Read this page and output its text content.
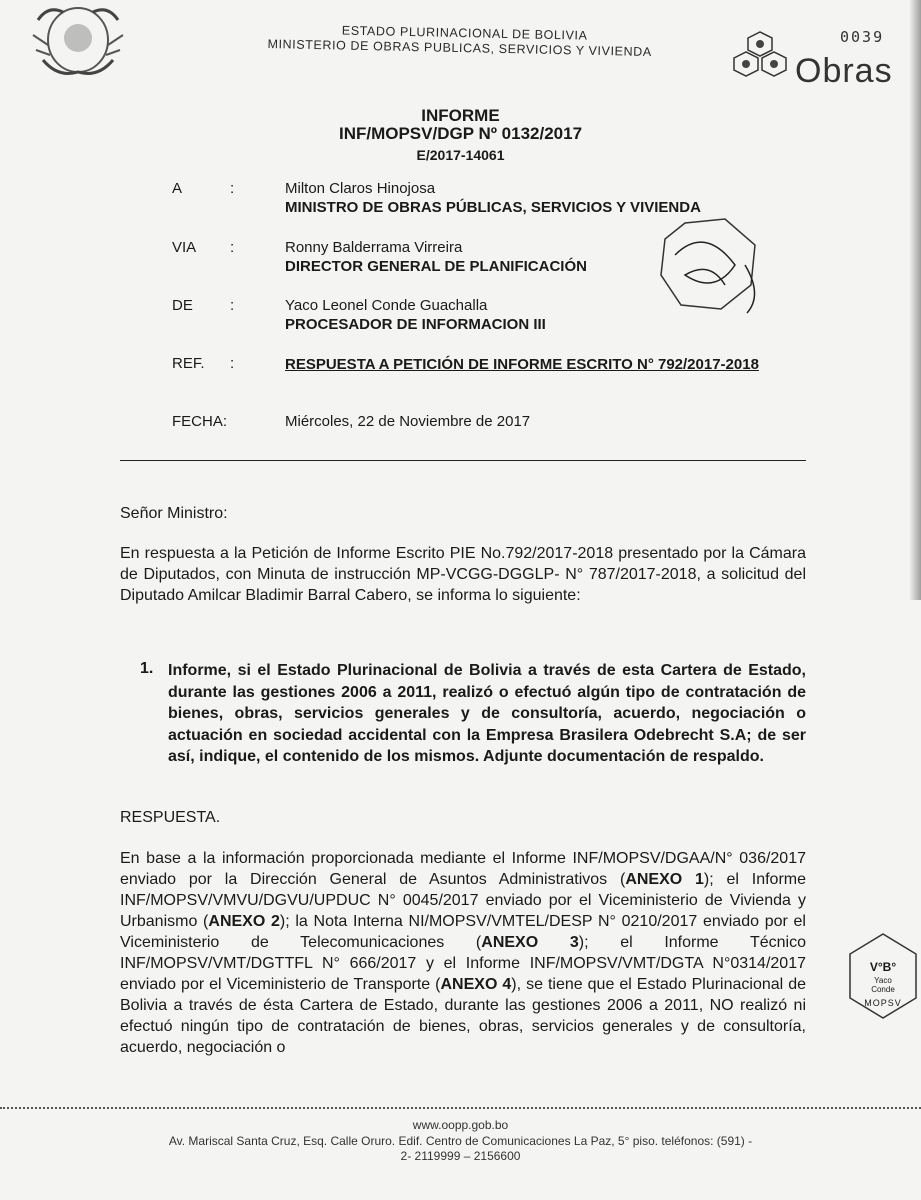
ESTADO PLURINACIONAL DE BOLIVIA
MINISTERIO DE OBRAS PUBLICAS, SERVICIOS Y VIVIENDA	0039
Obras
INFORME
INF/MOPSV/DGP Nº 0132/2017
E/2017-14061
A	:	Milton Claros Hinojosa
MINISTRO DE OBRAS PÚBLICAS, SERVICIOS Y VIVIENDA
VIA :	Ronny Balderrama Virreira
DIRECTOR GENERAL DE PLANIFICACIÓN
DE :	Yaco Leonel Conde Guachalla
PROCESADOR DE INFORMACION III
REF. :	RESPUESTA A PETICIÓN DE INFORME ESCRITO N° 792/2017-2018
FECHA:	Miércoles, 22 de Noviembre de 2017
Señor Ministro:
En respuesta a la Petición de Informe Escrito PIE No.792/2017-2018 presentado por la Cámara de Diputados, con Minuta de instrucción MP-VCGG-DGGLP- N° 787/2017-2018, a solicitud del Diputado Amilcar Bladimir Barral Cabero, se informa lo siguiente:
1. Informe, si el Estado Plurinacional de Bolivia a través de esta Cartera de Estado, durante las gestiones 2006 a 2011, realizó o efectuó algún tipo de contratación de bienes, obras, servicios generales y de consultoría, acuerdo, negociación o actuación en sociedad accidental con la Empresa Brasilera Odebrecht S.A; de ser así, indique, el contenido de los mismos. Adjunte documentación de respaldo.
RESPUESTA.
En base a la información proporcionada mediante el Informe INF/MOPSV/DGAA/N° 036/2017 enviado por la Dirección General de Asuntos Administrativos (ANEXO 1); el Informe INF/MOPSV/VMVU/DGVU/UPDUC N° 0045/2017 enviado por el Viceministerio de Vivienda y Urbanismo (ANEXO 2); la Nota Interna NI/MOPSV/VMTEL/DESP N° 0210/2017 enviado por el Viceministerio de Telecomunicaciones (ANEXO 3); el Informe Técnico INF/MOPSV/VMT/DGTTFL N° 666/2017 y el Informe INF/MOPSV/VMT/DGTA N°0314/2017 enviado por el Viceministerio de Transporte (ANEXO 4), se tiene que el Estado Plurinacional de Bolivia a través de ésta Cartera de Estado, durante las gestiones 2006 a 2011, NO realizó ni efectuó ningún tipo de contratación de bienes, obras, servicios generales y de consultoría, acuerdo, negociación o
V°B°
Yaco
Conde
MOPSV
www.oopp.gob.bo
Av. Mariscal Santa Cruz, Esq. Calle Oruro. Edif. Centro de Comunicaciones La Paz, 5° piso. teléfonos: (591) -
2- 2119999 – 2156600
